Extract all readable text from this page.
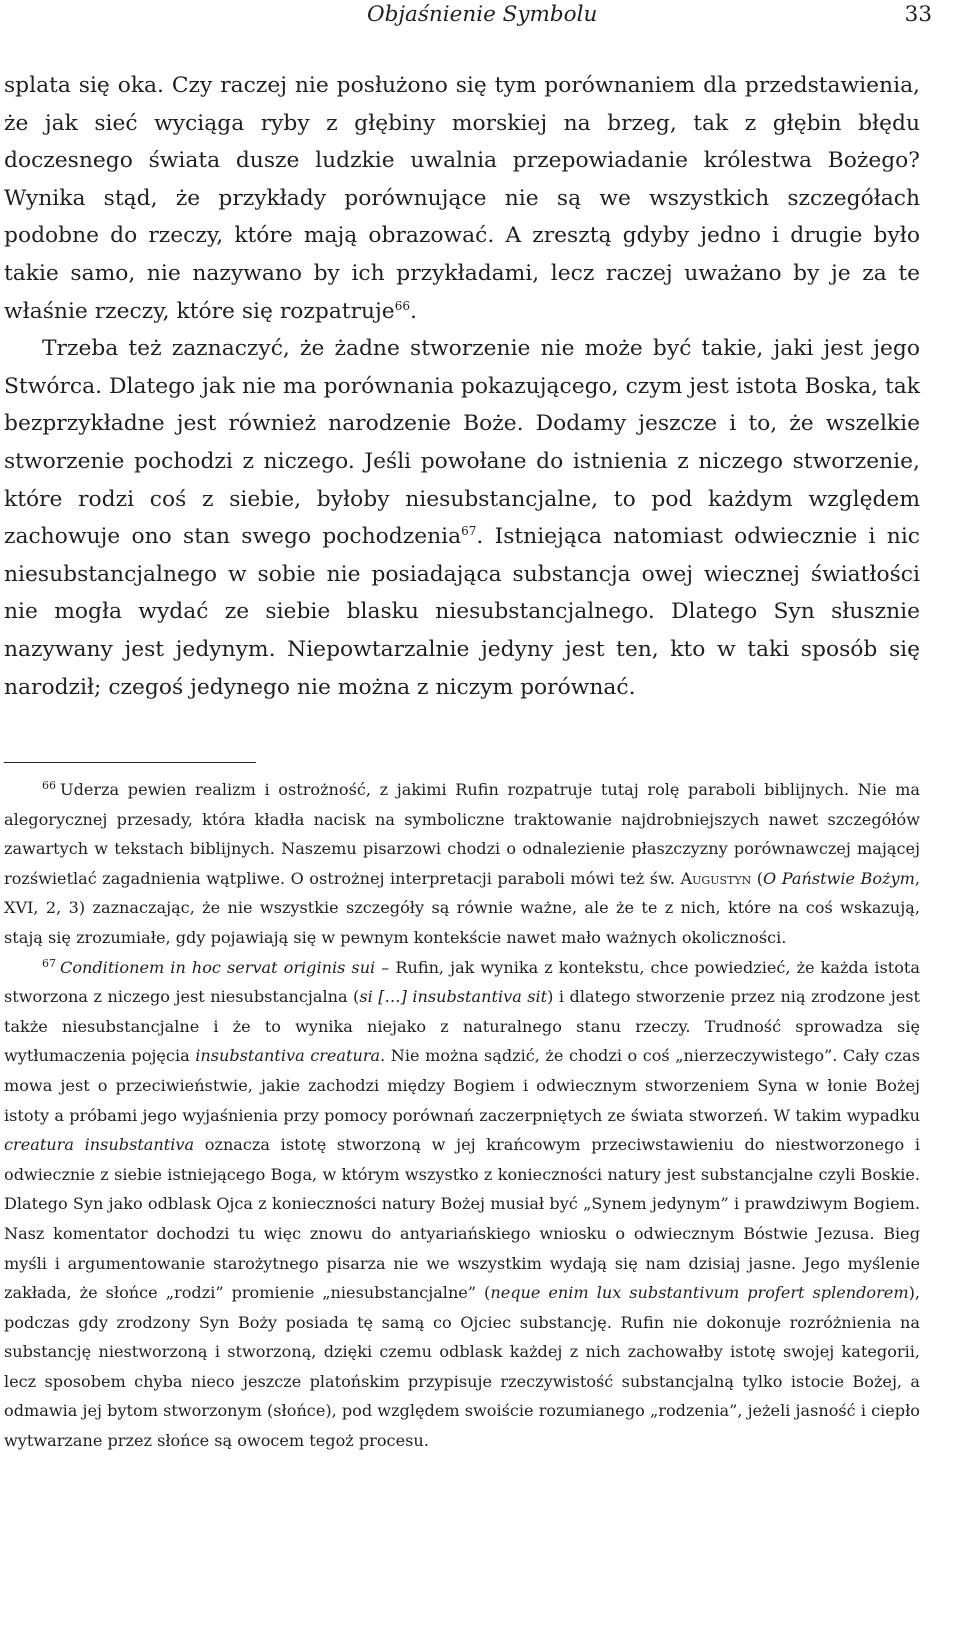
Objaśnienie Symbolu	33

splata się oka. Czy raczej nie posłużono się tym porównaniem dla przedstawienia, że jak sieć wyciąga ryby z głębiny morskiej na brzeg, tak z głębin błędu doczesnego świata dusze ludzkie uwalnia przepowiadanie królestwa Bożego? Wynika stąd, że przykłady porównujące nie są we wszystkich szczegółach podobne do rzeczy, które mają obrazować. A zresztą gdyby jedno i drugie było takie samo, nie nazywano by ich przykładami, lecz raczej uważano by je za te właśnie rzeczy, które się rozpatruje$^{66}$.

Trzeba też zaznaczyć, że żadne stworzenie nie może być takie, jaki jest jego Stwórca. Dlatego jak nie ma porównania pokazującego, czym jest istota Boska, tak bezprzykładne jest również narodzenie Boże. Dodamy jeszcze i to, że wszelkie stworzenie pochodzi z niczego. Jeśli powołane do istnienia z niczego stworzenie, które rodzi coś z siebie, byłoby niesubstancjalne, to pod każdym względem zachowuje ono stan swego pochodzenia$^{67}$. Istniejąca natomiast odwiecznie i nic niesubstancjalnego w sobie nie posiadająca substancja owej wiecznej światłości nie mogła wydać ze siebie blasku niesubstancjalnego. Dlatego Syn słusznie nazywany jest jedynym. Niepowtarzalnie jedyny jest ten, kto w taki sposób się narodził; czegoś jedynego nie można z niczym porównać.

$^{66}$ Uderza pewien realizm i ostrożność, z jakimi Rufin rozpatruje tutaj rolę paraboli biblijnych. Nie ma alegorycznej przesady, która kładła nacisk na symboliczne traktowanie najdrobniejszych nawet szczegółów zawartych w tekstach biblijnych. Naszemu pisarzowi chodzi o odnalezienie płaszczyzny porównawczej mającej rozświetlać zagadnienia wątpliwe. O ostrożnej interpretacji paraboli mówi też św. Augustyn (O Państwie Bożym, XVI, 2, 3) zaznaczając, że nie wszystkie szczegóły są równie ważne, ale że te z nich, które na coś wskazują, stają się zrozumiałe, gdy pojawiają się w pewnym kontekście nawet mało ważnych okoliczności.

$^{67}$ Conditionem in hoc servat originis sui – Rufin, jak wynika z kontekstu, chce powiedzieć, że każda istota stworzona z niczego jest niesubstancjalna (si […] insubstantiva sit) i dlatego stworzenie przez nią zrodzone jest także niesubstancjalne i że to wynika niejako z naturalnego stanu rzeczy. Trudność sprowadza się wytłumaczenia pojęcia insubstantiva creatura. Nie można sądzić, że chodzi o coś „nierzeczywistego”. Cały czas mowa jest o przeciwieństwie, jakie zachodzi między Bogiem i odwiecznym stworzeniem Syna w łonie Bożej istoty a próbami jego wyjaśnienia przy pomocy porównań zaczerpniętych ze świata stworzeń. W takim wypadku creatura insubstantiva oznacza istotę stworzoną w jej krańcowym przeciwstawieniu do niestworzonego i odwiecznie z siebie istniejącego Boga, w którym wszystko z konieczności natury jest substancjalne czyli Boskie. Dlatego Syn jako odblask Ojca z konieczności natury Bożej musiał być „Synem jedynym” i prawdziwym Bogiem. Nasz komentator dochodzi tu więc znowu do antyariańskiego wniosku o odwiecznym Bóstwie Jezusa. Bieg myśli i argumentowanie starożytnego pisarza nie we wszystkim wydają się nam dzisiaj jasne. Jego myślenie zakłada, że słońce „rodzi” promienie „niesubstancjalne” (neque enim lux substantivum profert splendorem), podczas gdy zrodzony Syn Boży posiada tę samą co Ojciec substancję. Rufin nie dokonuje rozróżnienia na substancję niestworzoną i stworzoną, dzięki czemu odblask każdej z nich zachowałby istotę swojej kategorii, lecz sposobem chyba nieco jeszcze platońskim przypisuje rzeczywistość substancjalną tylko istocie Bożej, a odmawia jej bytom stworzonym (słońce), pod względem swoiście rozumianego „rodzenia”, jeżeli jasność i ciepło wytwarzane przez słońce są owocem tegoż procesu.
